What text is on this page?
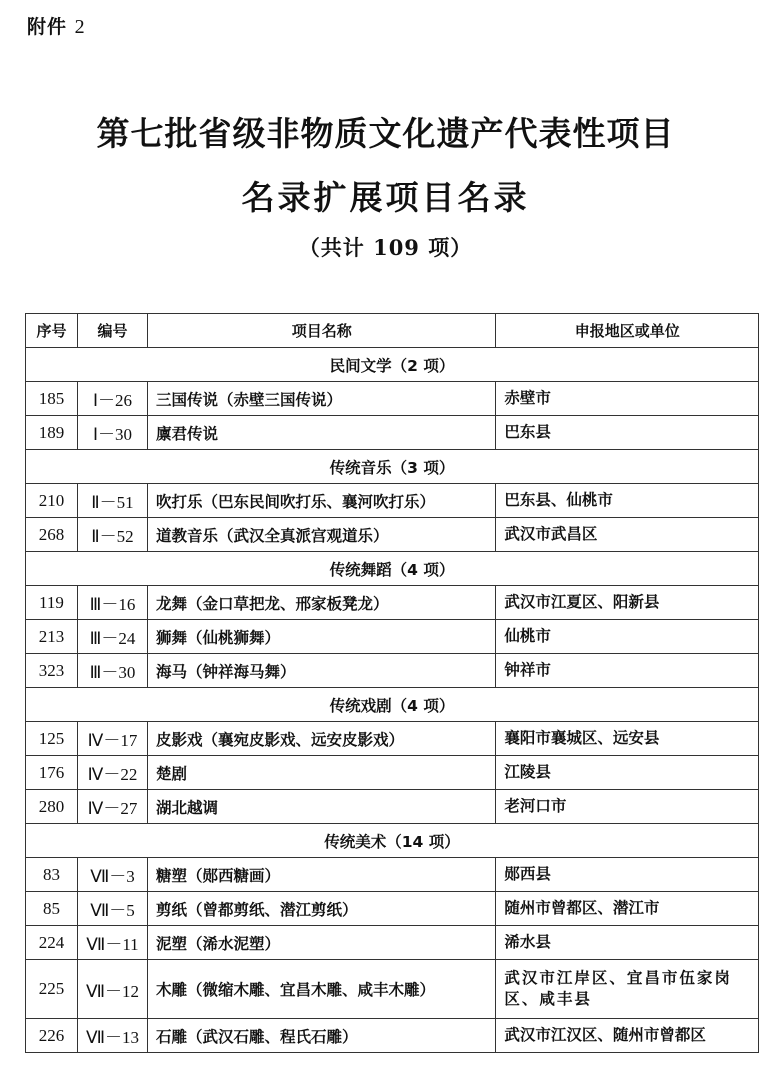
附件 2
第七批省级非物质文化遗产代表性项目
名录扩展项目名录
（共计 109 项）
序号	编号	项目名称	申报地区或单位
民间文学（2 项）			
185	Ⅰ－26	三国传说（赤壁三国传说）	赤壁市
189	Ⅰ－30	廪君传说	巴东县
传统音乐（3 项）			
210	Ⅱ－51	吹打乐（巴东民间吹打乐、襄河吹打乐）	巴东县、仙桃市
268	Ⅱ－52	道教音乐（武汉全真派宫观道乐）	武汉市武昌区
传统舞蹈（4 项）			
119	Ⅲ－16	龙舞（金口草把龙、邢家板凳龙）	武汉市江夏区、阳新县
213	Ⅲ－24	狮舞（仙桃狮舞）	仙桃市
323	Ⅲ－30	海马（钟祥海马舞）	钟祥市
传统戏剧（4 项）			
125	Ⅳ－17	皮影戏（襄宛皮影戏、远安皮影戏）	襄阳市襄城区、远安县
176	Ⅳ－22	楚剧	江陵县
280	Ⅳ－27	湖北越调	老河口市
传统美术（14 项）			
83	Ⅶ－3	糖塑（郧西糖画）	郧西县
85	Ⅶ－5	剪纸（曾都剪纸、潜江剪纸）	随州市曾都区、潜江市
224	Ⅶ－11	泥塑（浠水泥塑）	浠水县
225	Ⅶ－12	木雕（微缩木雕、宜昌木雕、咸丰木雕）	武汉市江岸区、宜昌市伍家岗区、咸丰县
226	Ⅶ－13	石雕（武汉石雕、程氏石雕）	武汉市江汉区、随州市曾都区
